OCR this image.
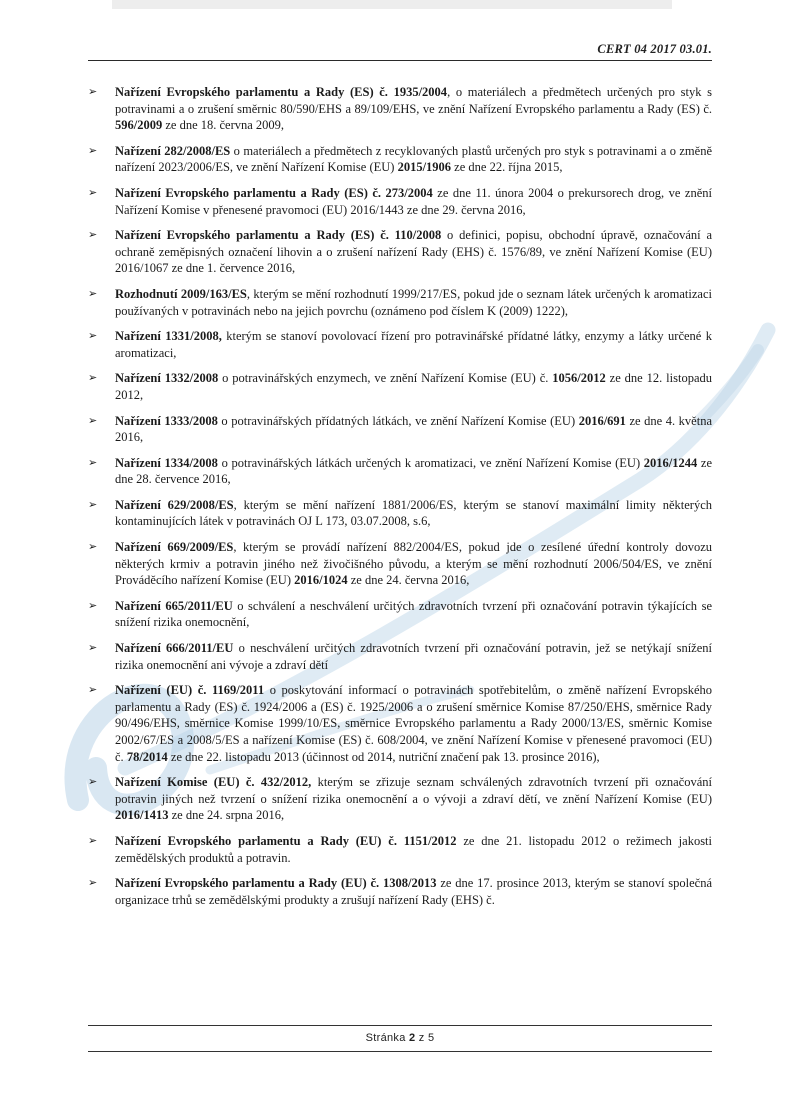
CERT 04 2017 03.01.
➢	Nařízení Evropského parlamentu a Rady (ES) č. 1935/2004, o materiálech a předmětech určených pro styk s potravinami a o zrušení směrnic 80/590/EHS a 89/109/EHS, ve znění Nařízení Evropského parlamentu a Rady (ES) č. 596/2009 ze dne 18. června 2009,
➢	Nařízení 282/2008/ES o materiálech a předmětech z recyklovaných plastů určených pro styk s potravinami a o změně nařízení 2023/2006/ES, ve znění Nařízení Komise (EU) 2015/1906 ze dne 22. října 2015,
➢	Nařízení Evropského parlamentu a Rady (ES) č. 273/2004 ze dne 11. února 2004 o prekursorech drog, ve znění Nařízení Komise v přenesené pravomoci (EU) 2016/1443 ze dne 29. června 2016,
➢	Nařízení Evropského parlamentu a Rady (ES) č. 110/2008 o definici, popisu, obchodní úpravě, označování a ochraně zeměpisných označení lihovin a o zrušení nařízení Rady (EHS) č. 1576/89, ve znění Nařízení Komise (EU) 2016/1067 ze dne 1. července 2016,
➢	Rozhodnutí 2009/163/ES, kterým se mění rozhodnutí 1999/217/ES, pokud jde o seznam látek určených k aromatizaci používaných v potravinách nebo na jejich povrchu (oznámeno pod číslem K (2009) 1222),
➢	Nařízení 1331/2008, kterým se stanoví povolovací řízení pro potravinářské přídatné látky, enzymy a látky určené k aromatizaci,
➢	Nařízení 1332/2008 o potravinářských enzymech, ve znění Nařízení Komise (EU) č. 1056/2012 ze dne 12. listopadu 2012,
➢	Nařízení 1333/2008 o potravinářských přídatných látkách, ve znění Nařízení Komise (EU) 2016/691 ze dne 4. května 2016,
➢	Nařízení 1334/2008 o potravinářských látkách určených k aromatizaci, ve znění Nařízení Komise (EU) 2016/1244 ze dne 28. července 2016,
➢	Nařízení 629/2008/ES, kterým se mění nařízení 1881/2006/ES, kterým se stanoví maximální limity některých kontaminujících látek v potravinách OJ L 173, 03.07.2008, s.6,
➢	Nařízení 669/2009/ES, kterým se provádí nařízení 882/2004/ES, pokud jde o zesílené úřední kontroly dovozu některých krmiv a potravin jiného než živočišného původu, a kterým se mění rozhodnutí 2006/504/ES, ve znění Prováděcího nařízení Komise (EU) 2016/1024 ze dne 24. června 2016,
➢	Nařízení 665/2011/EU o schválení a neschválení určitých zdravotních tvrzení při označování potravin týkajících se snížení rizika onemocnění,
➢	Nařízení 666/2011/EU o neschválení určitých zdravotních tvrzení při označování potravin, jež se netýkají snížení rizika onemocnění ani vývoje a zdraví dětí
➢	Nařízení (EU) č. 1169/2011 o poskytování informací o potravinách spotřebitelům, o změně nařízení Evropského parlamentu a Rady (ES) č. 1924/2006 a (ES) č. 1925/2006 a o zrušení směrnice Komise 87/250/EHS, směrnice Rady 90/496/EHS, směrnice Komise 1999/10/ES, směrnice Evropského parlamentu a Rady 2000/13/ES, směrnic Komise 2002/67/ES a 2008/5/ES a nařízení Komise (ES) č. 608/2004, ve znění Nařízení Komise v přenesené pravomoci (EU) č. 78/2014 ze dne 22. listopadu 2013 (účinnost od 2014, nutriční značení pak 13. prosince 2016),
➢	Nařízení Komise (EU) č. 432/2012, kterým se zřizuje seznam schválených zdravotních tvrzení při označování potravin jiných než tvrzení o snížení rizika onemocnění a o vývoji a zdraví dětí, ve znění Nařízení Komise (EU) 2016/1413 ze dne 24. srpna 2016,
➢	Nařízení Evropského parlamentu a Rady (EU) č. 1151/2012 ze dne 21. listopadu 2012 o režimech jakosti zemědělských produktů a potravin.
➢	Nařízení Evropského parlamentu a Rady (EU) č. 1308/2013 ze dne 17. prosince 2013, kterým se stanoví společná organizace trhů se zemědělskými produkty a zrušují nařízení Rady (EHS) č.
Stránka 2 z 5
